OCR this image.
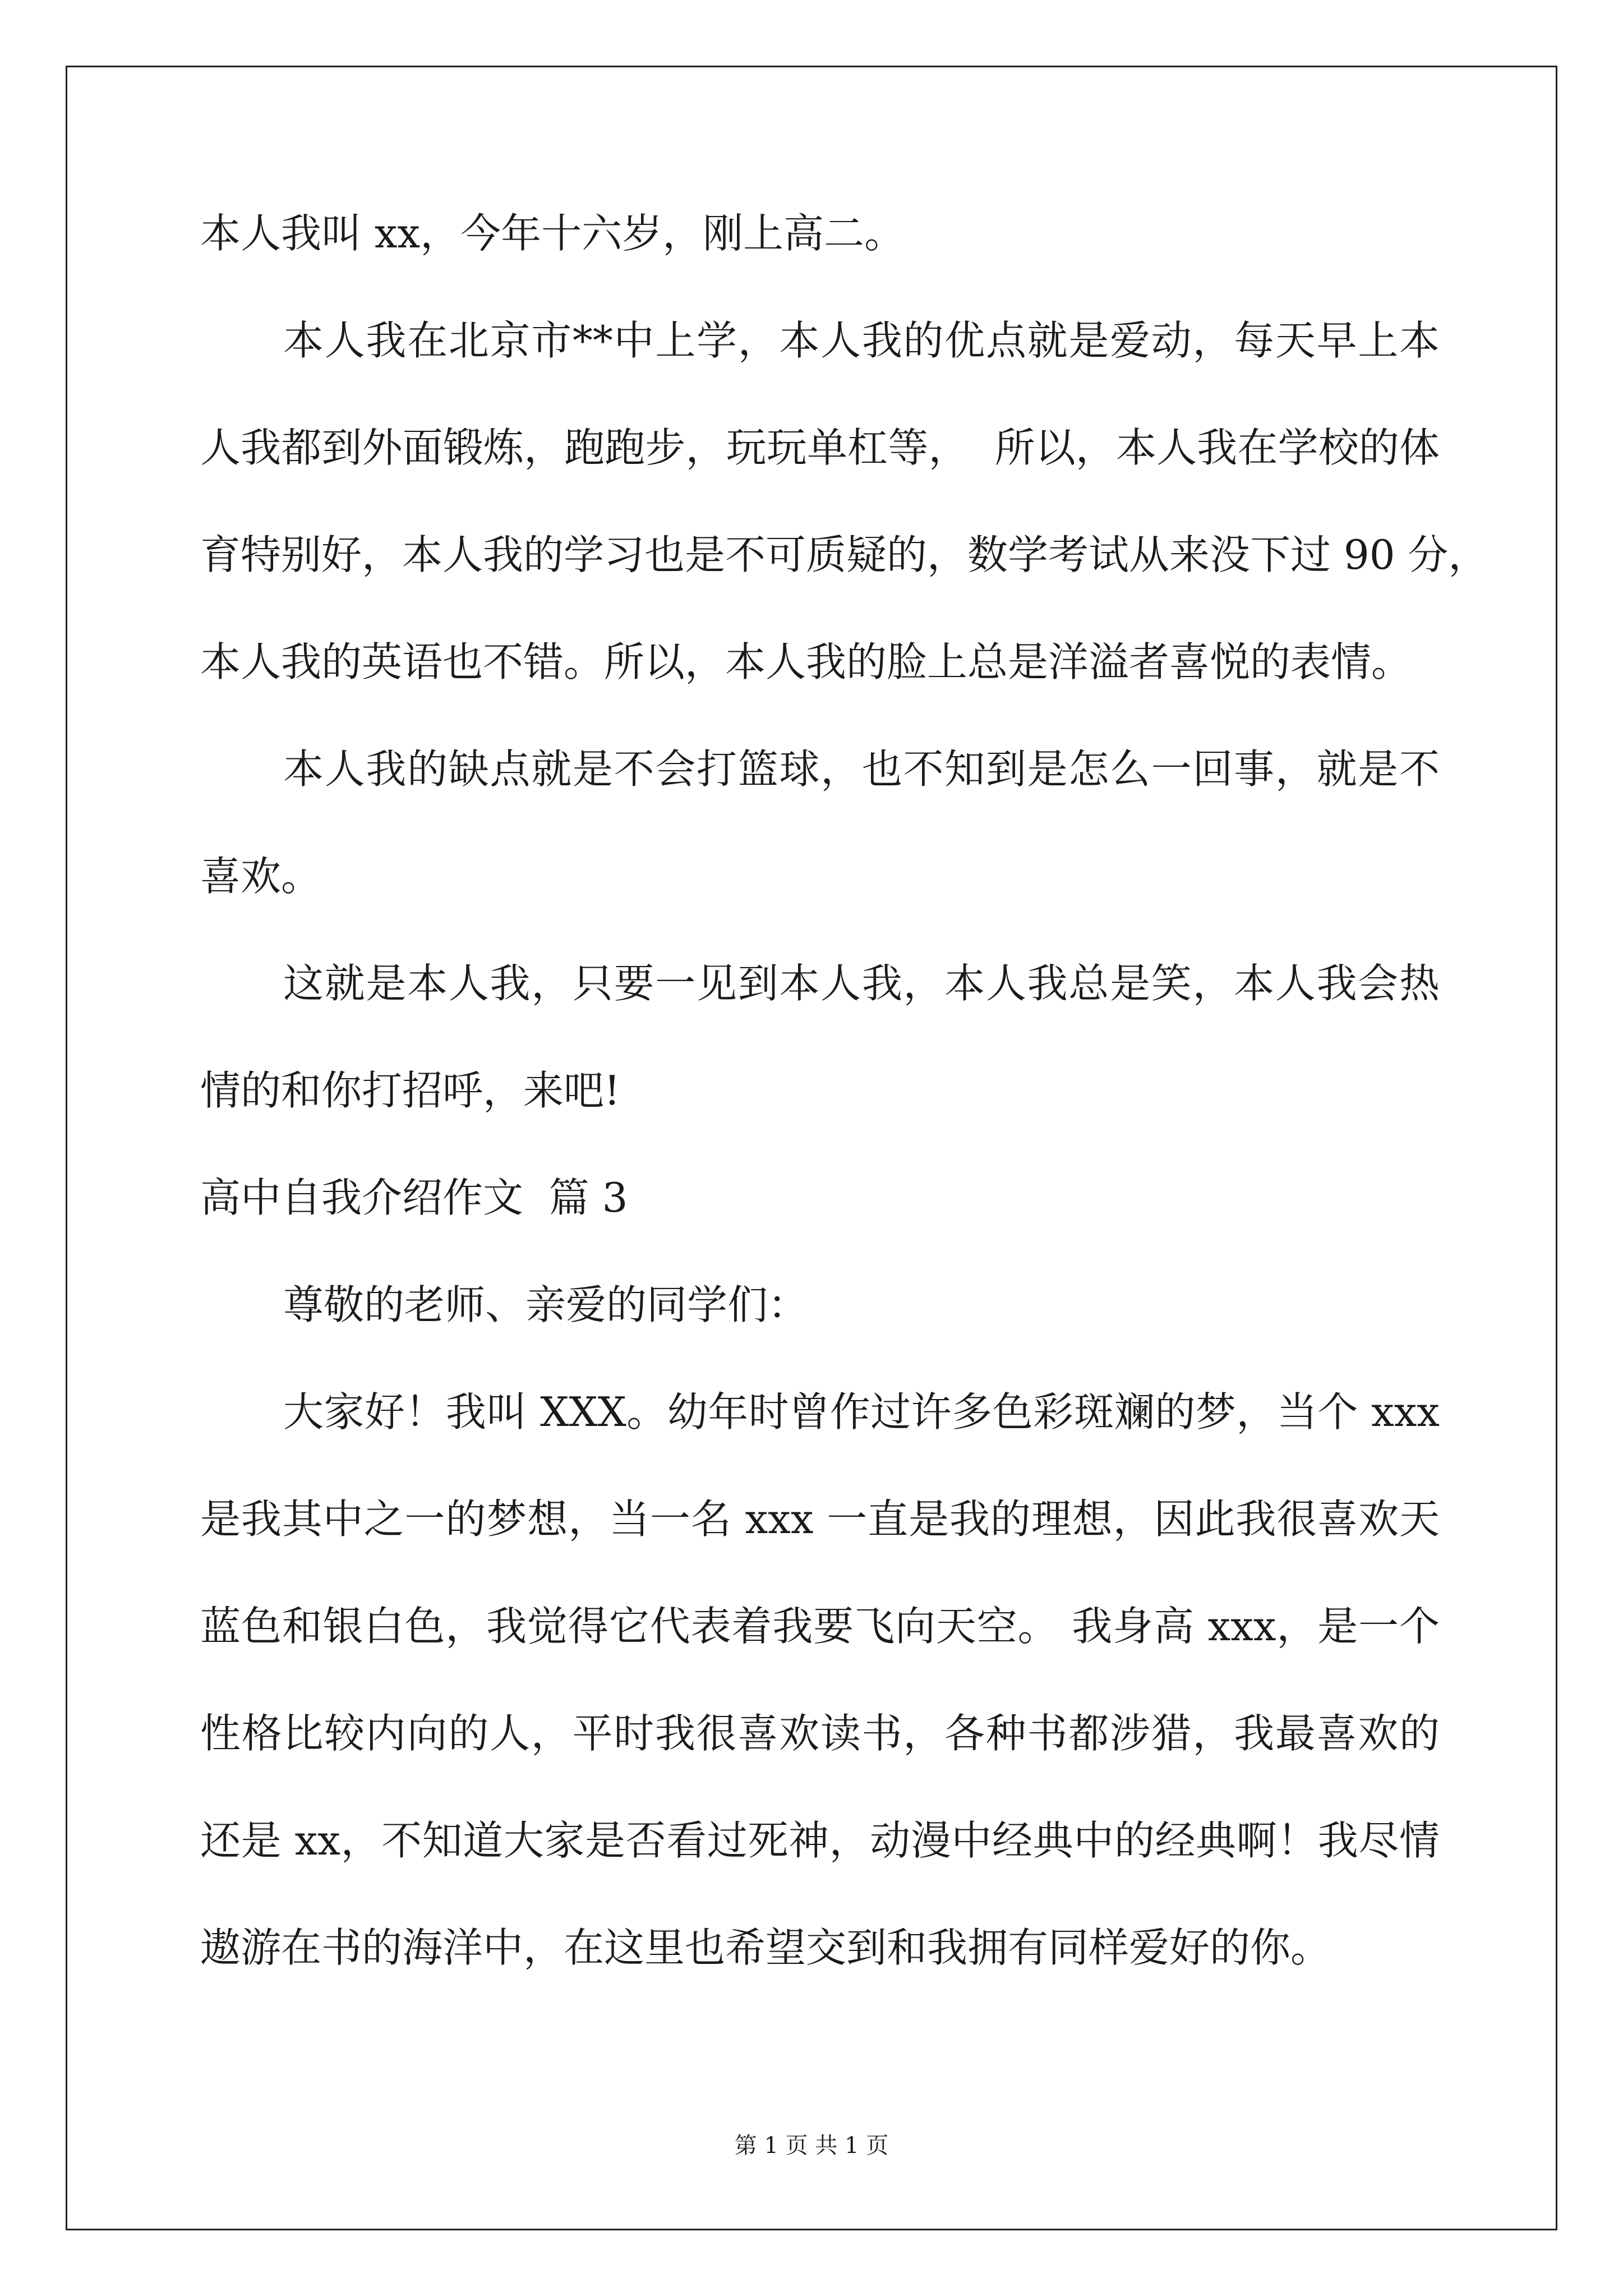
本人我叫 xx，今年十六岁，刚上高二。
本人我在北京市**中上学，本人我的优点就是爱动，每天早上本
人我都到外面锻炼，跑跑步，玩玩单杠等，  所以，本人我在学校的体
育特别好，本人我的学习也是不可质疑的，数学考试从来没下过 90 分，
本人我的英语也不错。所以，本人我的脸上总是洋溢者喜悦的表情。
本人我的缺点就是不会打篮球，也不知到是怎么一回事，就是不
喜欢。
这就是本人我，只要一见到本人我，本人我总是笑，本人我会热
情的和你打招呼，来吧!
高中自我介绍作文  篇 3
尊敬的老师、亲爱的同学们：
大家好！我叫 XXX。幼年时曾作过许多色彩斑斓的梦，当个 xxx
是我其中之一的梦想，当一名 xxx 一直是我的理想，因此我很喜欢天
蓝色和银白色，我觉得它代表着我要飞向天空。 我身高 xxx，是一个
性格比较内向的人，平时我很喜欢读书，各种书都涉猎，我最喜欢的
还是 xx，不知道大家是否看过死神，动漫中经典中的经典啊！我尽情
遨游在书的海洋中，在这里也希望交到和我拥有同样爱好的你。
第 1 页 共 1 页
